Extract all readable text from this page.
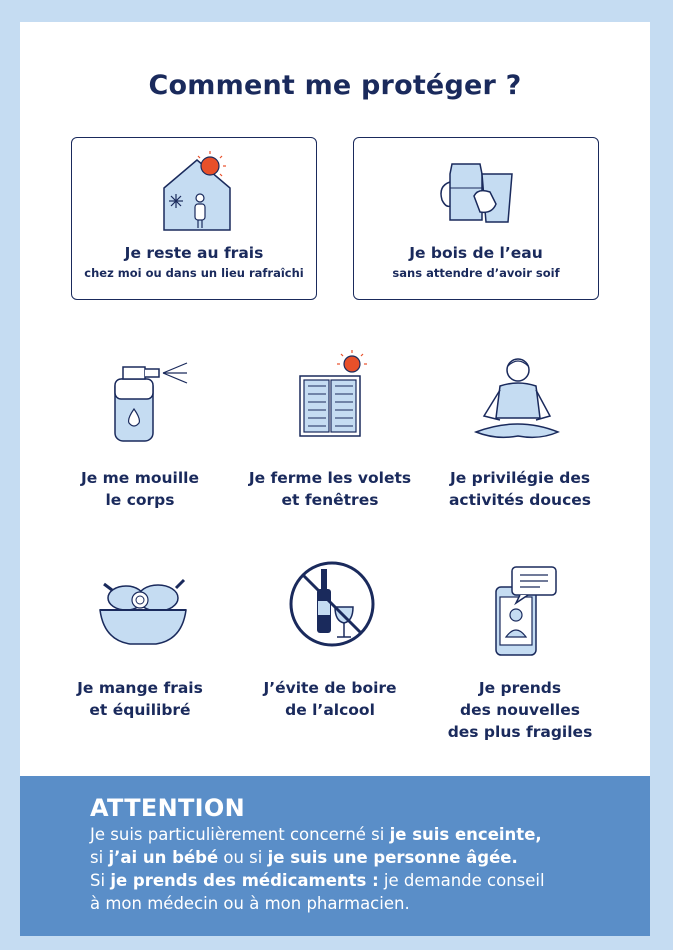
Comment me protéger ?
Je reste au frais
chez moi ou dans un lieu rafraîchi
Je bois de l’eau
sans attendre d’avoir soif
Je me mouille
le corps
Je ferme les volets
et fenêtres
Je privilégie des
activités douces
Je mange frais
et équilibré
J’évite de boire
de l’alcool
Je prends
des nouvelles
des plus fragiles
ATTENTION
Je suis particulièrement concerné si je suis enceinte,
si j’ai un bébé ou si je suis une personne âgée.
Si je prends des médicaments : je demande conseil
à mon médecin ou à mon pharmacien.
